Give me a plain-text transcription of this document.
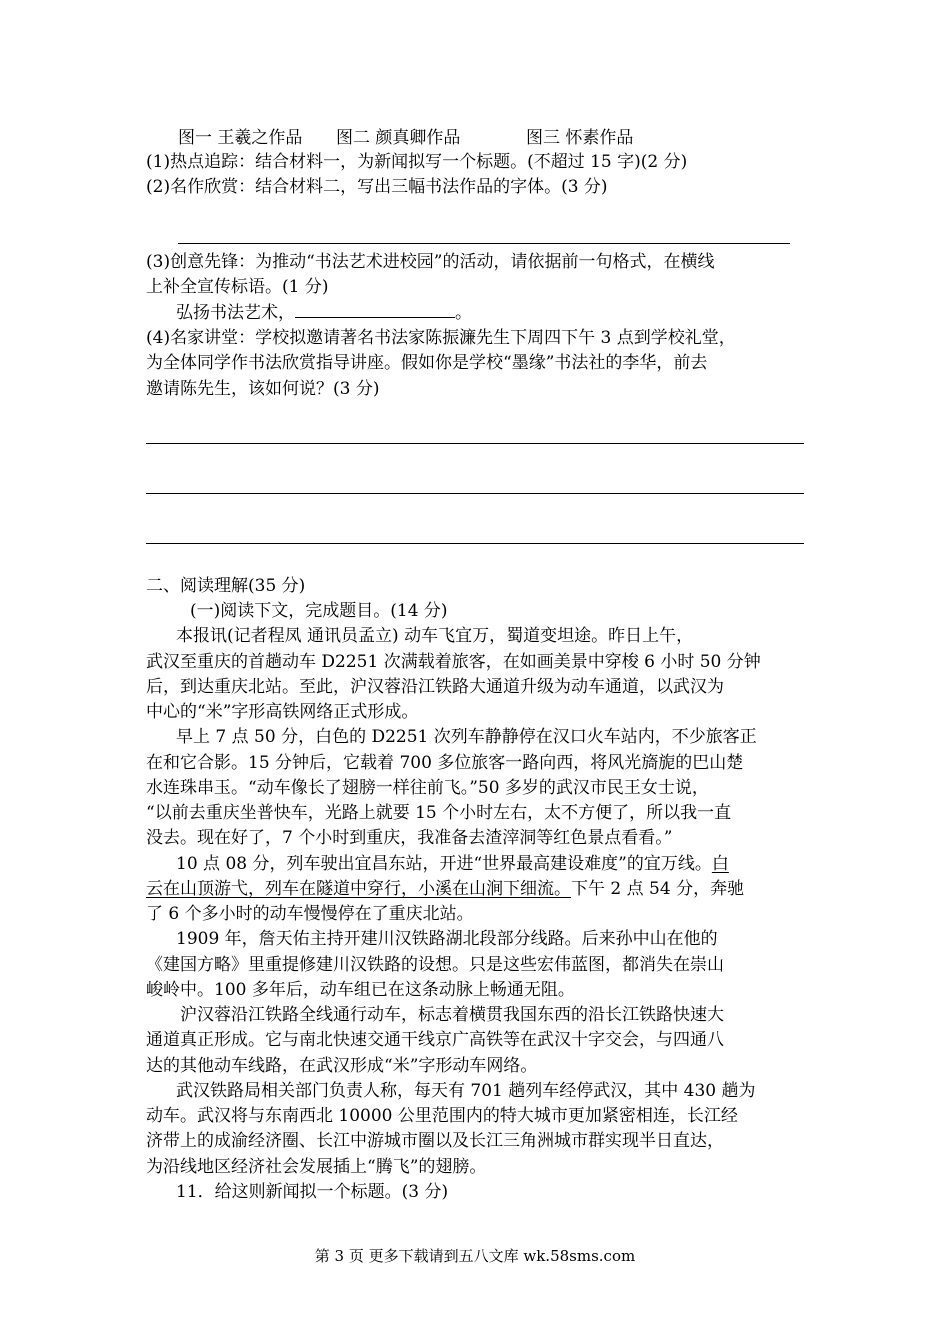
图一 王羲之作品 图二 颜真卿作品	图三 怀素作品
(1)热点追踪：结合材料一，为新闻拟写一个标题。(不超过 15 字)(2 分)
(2)名作欣赏：结合材料二，写出三幅书法作品的字体。(3 分)
(3)创意先锋：为推动“书法艺术进校园”的活动，请依据前一句格式，在横线
上补全宣传标语。(1 分)
弘扬书法艺术，	。
(4)名家讲堂：学校拟邀请著名书法家陈振濂先生下周四下午 3 点到学校礼堂，
为全体同学作书法欣赏指导讲座。假如你是学校“墨缘”书法社的李华，前去
邀请陈先生，该如何说？(3 分)
二、阅读理解(35 分)
(一)阅读下文，完成题目。(14 分)
本报讯(记者程凤 通讯员孟立) 动车飞宜万，蜀道变坦途。昨日上午，
武汉至重庆的首趟动车 D2251 次满载着旅客，在如画美景中穿梭 6 小时 50 分钟
后，到达重庆北站。至此，沪汉蓉沿江铁路大通道升级为动车通道，以武汉为
中心的“米”字形高铁网络正式形成。
早上 7 点 50 分，白色的 D2251 次列车静静停在汉口火车站内，不少旅客正
在和它合影。15 分钟后，它载着 700 多位旅客一路向西，将风光旖旎的巴山楚
水连珠串玉。“动车像长了翅膀一样往前飞。”50 多岁的武汉市民王女士说，
“以前去重庆坐普快车，光路上就要 15 个小时左右，太不方便了，所以我一直
没去。现在好了，7 个小时到重庆，我准备去渣滓洞等红色景点看看。”
10 点 08 分，列车驶出宜昌东站，开进“世界最高建设难度”的宜万线。白
云在山顶游弋，列车在隧道中穿行，小溪在山涧下细流。下午 2 点 54 分，奔驰
了 6 个多小时的动车慢慢停在了重庆北站。
1909 年，詹天佑主持开建川汉铁路湖北段部分线路。后来孙中山在他的
《建国方略》里重提修建川汉铁路的设想。只是这些宏伟蓝图，都消失在崇山
峻岭中。100 多年后，动车组已在这条动脉上畅通无阻。
沪汉蓉沿江铁路全线通行动车，标志着横贯我国东西的沿长江铁路快速大
通道真正形成。它与南北快速交通干线京广高铁等在武汉十字交会，与四通八
达的其他动车线路，在武汉形成“米”字形动车网络。
武汉铁路局相关部门负责人称，每天有 701 趟列车经停武汉，其中 430 趟为
动车。武汉将与东南西北 10000 公里范围内的特大城市更加紧密相连，长江经
济带上的成渝经济圈、长江中游城市圈以及长江三角洲城市群实现半日直达，
为沿线地区经济社会发展插上“腾飞”的翅膀。
11．给这则新闻拟一个标题。(3 分)
第 3 页 更多下载请到五八文库 wk.58sms.com
